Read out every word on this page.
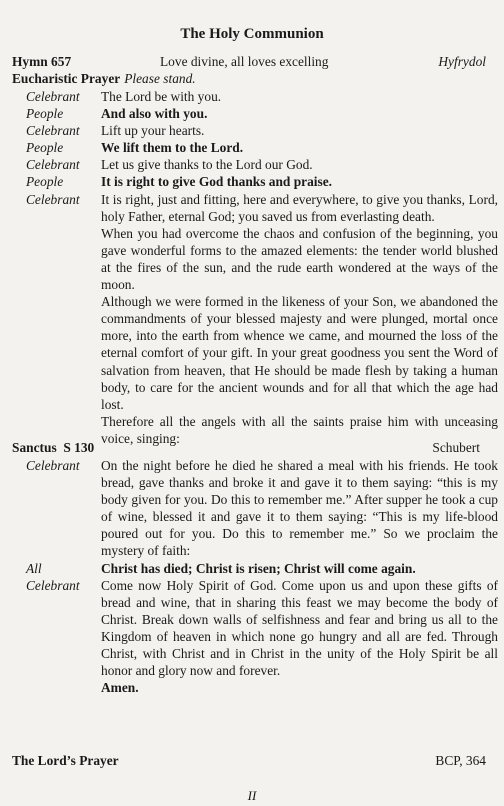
The Holy Communion
Hymn 657	Love divine, all loves excelling	Hyfrydol
Eucharistic Prayer Please stand.
Celebrant	The Lord be with you.
People	And also with you.
Celebrant	Lift up your hearts.
People	We lift them to the Lord.
Celebrant	Let us give thanks to the Lord our God.
People	It is right to give God thanks and praise.
Celebrant	It is right, just and fitting, here and everywhere, to give you thanks, Lord, holy Father, eternal God; you saved us from everlasting death.
When you had overcome the chaos and confusion of the beginning, you gave wonderful forms to the amazed elements: the tender world blushed at the fires of the sun, and the rude earth wondered at the ways of the moon.
Although we were formed in the likeness of your Son, we abandoned the commandments of your blessed majesty and were plunged, mortal once more, into the earth from whence we came, and mourned the loss of the eternal comfort of your gift. In your great goodness you sent the Word of salvation from heaven, that He should be made flesh by taking a human body, to care for the ancient wounds and for all that which the age had lost.
Therefore all the angels with all the saints praise him with unceasing voice, singing:
Sanctus  S 130	Schubert
Celebrant	On the night before he died he shared a meal with his friends. He took bread, gave thanks and broke it and gave it to them saying: “this is my body given for you. Do this to remember me.” After supper he took a cup of wine, blessed it and gave it to them saying: “This is my life-blood poured out for you. Do this to remember me.” So we proclaim the mystery of faith:
All	Christ has died; Christ is risen; Christ will come again.
Celebrant	Come now Holy Spirit of God. Come upon us and upon these gifts of bread and wine, that in sharing this feast we may become the body of Christ. Break down walls of selfishness and fear and bring us all to the Kingdom of heaven in which none go hungry and all are fed. Through Christ, with Christ and in Christ in the unity of the Holy Spirit be all honor and glory now and forever.
Amen.
The Lord’s Prayer	BCP, 364
II
